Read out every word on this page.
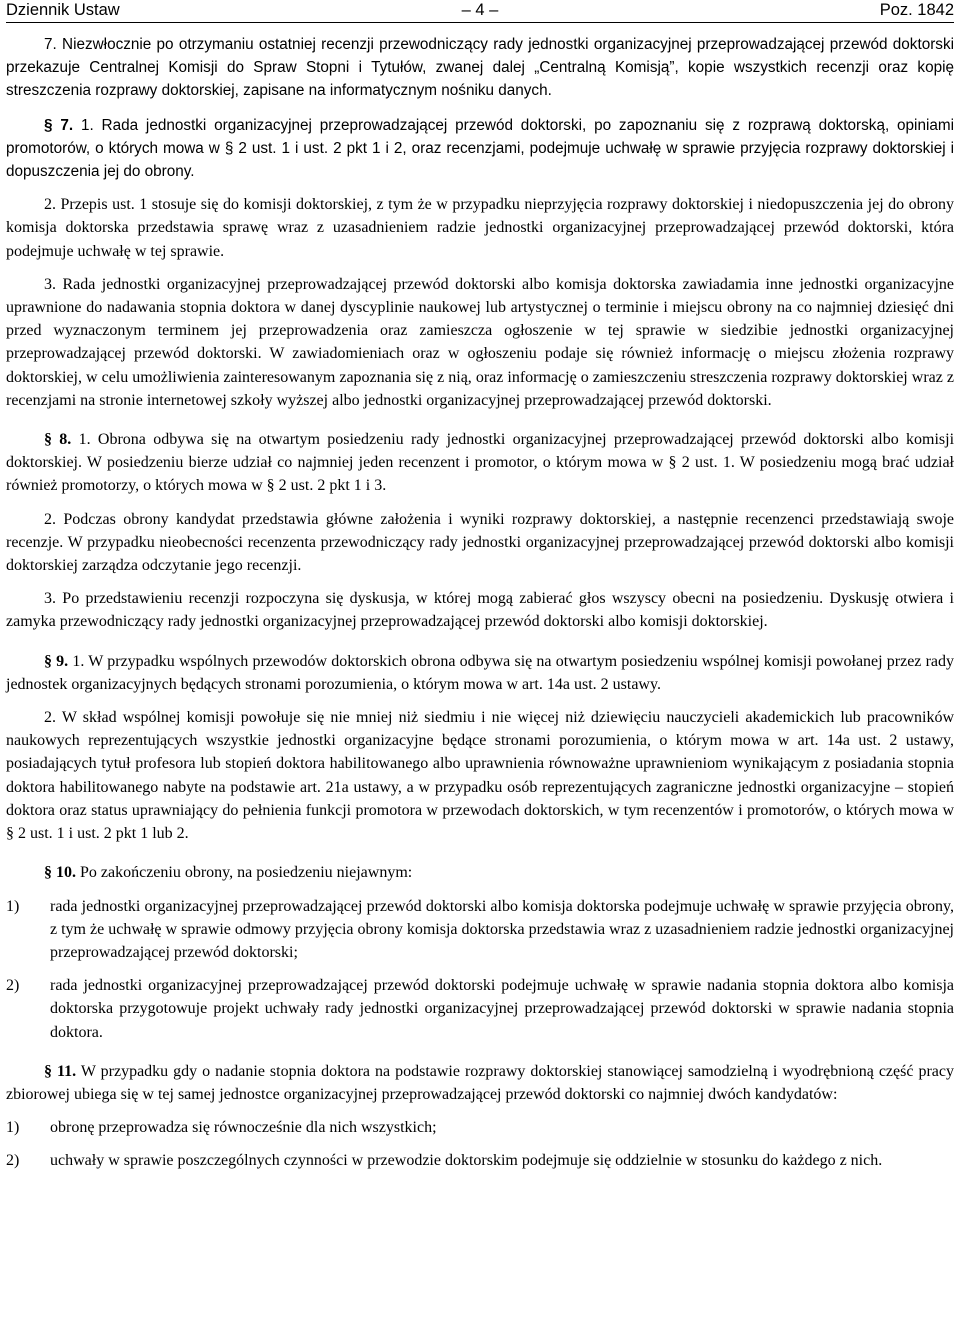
Dziennik Ustaw	– 4 –	Poz. 1842

7. Niezwłocznie po otrzymaniu ostatniej recenzji przewodniczący rady jednostki organizacyjnej przeprowadzającej przewód doktorski przekazuje Centralnej Komisji do Spraw Stopni i Tytułów, zwanej dalej „Centralną Komisją”, kopie wszystkich recenzji oraz kopię streszczenia rozprawy doktorskiej, zapisane na informatycznym nośniku danych.

§ 7. 1. Rada jednostki organizacyjnej przeprowadzającej przewód doktorski, po zapoznaniu się z rozprawą doktorską, opiniami promotorów, o których mowa w § 2 ust. 1 i ust. 2 pkt 1 i 2, oraz recenzjami, podejmuje uchwałę w sprawie przyjęcia rozprawy doktorskiej i dopuszczenia jej do obrony.

2. Przepis ust. 1 stosuje się do komisji doktorskiej, z tym że w przypadku nieprzyjęcia rozprawy doktorskiej i niedopuszczenia jej do obrony komisja doktorska przedstawia sprawę wraz z uzasadnieniem radzie jednostki organizacyjnej przeprowadzającej przewód doktorski, która podejmuje uchwałę w tej sprawie.

3. Rada jednostki organizacyjnej przeprowadzającej przewód doktorski albo komisja doktorska zawiadamia inne jednostki organizacyjne uprawnione do nadawania stopnia doktora w danej dyscyplinie naukowej lub artystycznej o terminie i miejscu obrony na co najmniej dziesięć dni przed wyznaczonym terminem jej przeprowadzenia oraz zamieszcza ogłoszenie w tej sprawie w siedzibie jednostki organizacyjnej przeprowadzającej przewód doktorski. W zawiadomieniach oraz w ogłoszeniu podaje się również informację o miejscu złożenia rozprawy doktorskiej, w celu umożliwienia zainteresowanym zapoznania się z nią, oraz informację o zamieszczeniu streszczenia rozprawy doktorskiej wraz z recenzjami na stronie internetowej szkoły wyższej albo jednostki organizacyjnej przeprowadzającej przewód doktorski.

§ 8. 1. Obrona odbywa się na otwartym posiedzeniu rady jednostki organizacyjnej przeprowadzającej przewód doktorski albo komisji doktorskiej. W posiedzeniu bierze udział co najmniej jeden recenzent i promotor, o którym mowa w § 2 ust. 1. W posiedzeniu mogą brać udział również promotorzy, o których mowa w § 2 ust. 2 pkt 1 i 3.

2. Podczas obrony kandydat przedstawia główne założenia i wyniki rozprawy doktorskiej, a następnie recenzenci przedstawiają swoje recenzje. W przypadku nieobecności recenzenta przewodniczący rady jednostki organizacyjnej przeprowadzającej przewód doktorski albo komisji doktorskiej zarządza odczytanie jego recenzji.

3. Po przedstawieniu recenzji rozpoczyna się dyskusja, w której mogą zabierać głos wszyscy obecni na posiedzeniu. Dyskusję otwiera i zamyka przewodniczący rady jednostki organizacyjnej przeprowadzającej przewód doktorski albo komisji doktorskiej.

§ 9. 1. W przypadku wspólnych przewodów doktorskich obrona odbywa się na otwartym posiedzeniu wspólnej komisji powołanej przez rady jednostek organizacyjnych będących stronami porozumienia, o którym mowa w art. 14a ust. 2 ustawy.

2. W skład wspólnej komisji powołuje się nie mniej niż siedmiu i nie więcej niż dziewięciu nauczycieli akademickich lub pracowników naukowych reprezentujących wszystkie jednostki organizacyjne będące stronami porozumienia, o którym mowa w art. 14a ust. 2 ustawy, posiadających tytuł profesora lub stopień doktora habilitowanego albo uprawnienia równoważne uprawnieniom wynikającym z posiadania stopnia doktora habilitowanego nabyte na podstawie art. 21a ustawy, a w przypadku osób reprezentujących zagraniczne jednostki organizacyjne – stopień doktora oraz status uprawniający do pełnienia funkcji promotora w przewodach doktorskich, w tym recenzentów i promotorów, o których mowa w § 2 ust. 1 i ust. 2 pkt 1 lub 2.

§ 10. Po zakończeniu obrony, na posiedzeniu niejawnym:

1)	rada jednostki organizacyjnej przeprowadzającej przewód doktorski albo komisja doktorska podejmuje uchwałę w sprawie przyjęcia obrony, z tym że uchwałę w sprawie odmowy przyjęcia obrony komisja doktorska przedstawia wraz z uzasadnieniem radzie jednostki organizacyjnej przeprowadzającej przewód doktorski;
2)	rada jednostki organizacyjnej przeprowadzającej przewód doktorski podejmuje uchwałę w sprawie nadania stopnia doktora albo komisja doktorska przygotowuje projekt uchwały rady jednostki organizacyjnej przeprowadzającej przewód doktorski w sprawie nadania stopnia doktora.

§ 11. W przypadku gdy o nadanie stopnia doktora na podstawie rozprawy doktorskiej stanowiącej samodzielną i wyodrębnioną część pracy zbiorowej ubiega się w tej samej jednostce organizacyjnej przeprowadzającej przewód doktorski co najmniej dwóch kandydatów:

1)	obronę przeprowadza się równocześnie dla nich wszystkich;
2)	uchwały w sprawie poszczególnych czynności w przewodzie doktorskim podejmuje się oddzielnie w stosunku do każdego z nich.
